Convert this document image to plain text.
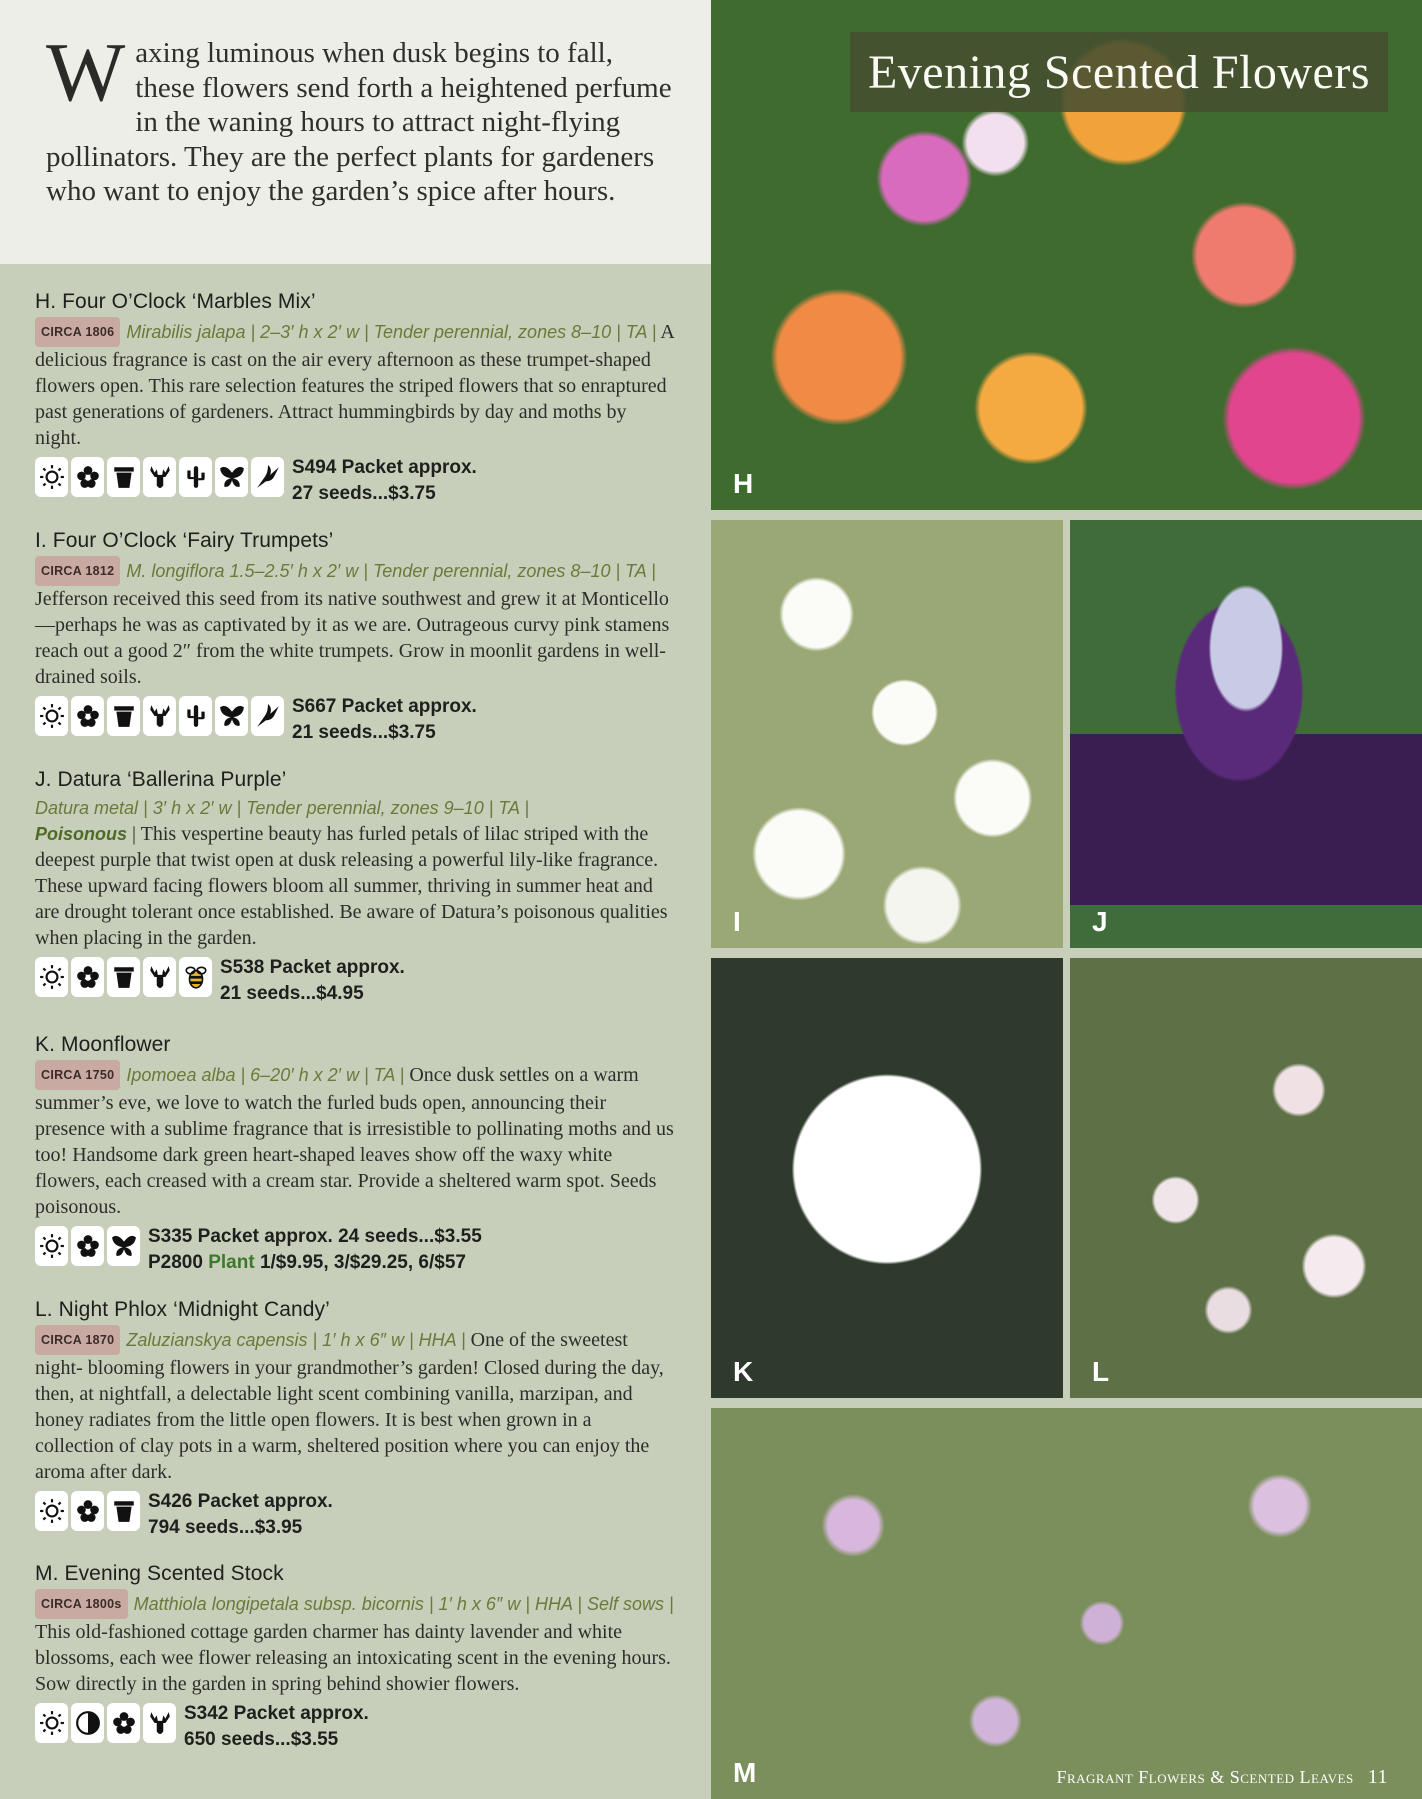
Waxing luminous when dusk begins to fall, these flowers send forth a heightened perfume in the waning hours to attract night-flying pollinators. They are the perfect plants for gardeners who want to enjoy the garden’s spice after hours.

H. Four O’Clock ‘Marbles Mix’
CIRCA 1806 Mirabilis jalapa | 2–3′ h x 2′ w | Tender perennial, zones 8–10 | TA | A delicious fragrance is cast on the air every afternoon as these trumpet-shaped flowers open. This rare selection features the striped flowers that so enraptured past generations of gardeners. Attract hummingbirds by day and moths by night.
S494 Packet approx.
27 seeds...$3.75
I. Four O’Clock ‘Fairy Trumpets’
CIRCA 1812 M. longiflora 1.5–2.5′ h x 2′ w | Tender perennial, zones 8–10 | TA | Jefferson received this seed from its native southwest and grew it at Monticello—perhaps he was as captivated by it as we are. Outrageous curvy pink stamens reach out a good 2″ from the white trumpets. Grow in moonlit gardens in well-drained soils.
S667 Packet approx.
21 seeds...$3.75
J. Datura ‘Ballerina Purple’
Datura metal | 3′ h x 2′ w | Tender perennial, zones 9–10 | TA |
Poisonous | This vespertine beauty has furled petals of lilac striped with the deepest purple that twist open at dusk releasing a powerful lily-like fragrance. These upward facing flowers bloom all summer, thriving in summer heat and are drought tolerant once established. Be aware of Datura’s poisonous qualities when placing in the garden.
S538 Packet approx.
21 seeds...$4.95
K. Moonflower
CIRCA 1750 Ipomoea alba | 6–20′ h x 2′ w | TA | Once dusk settles on a warm summer’s eve, we love to watch the furled buds open, announcing their presence with a sublime fragrance that is irresistible to pollinating moths and us too! Handsome dark green heart-shaped leaves show off the waxy white flowers, each creased with a cream star. Provide a sheltered warm spot. Seeds poisonous.
S335 Packet approx. 24 seeds...$3.55
P2800 Plant 1/$9.95, 3/$29.25, 6/$57
L. Night Phlox ‘Midnight Candy’
CIRCA 1870 Zaluzianskya capensis | 1′ h x 6″ w | HHA | One of the sweetest night- blooming flowers in your grandmother’s garden! Closed during the day, then, at nightfall, a delectable light scent combining vanilla, marzipan, and honey radiates from the little open flowers. It is best when grown in a collection of clay pots in a warm, sheltered position where you can enjoy the aroma after dark.
S426 Packet approx.
794 seeds...$3.95
M. Evening Scented Stock
CIRCA 1800s Matthiola longipetala subsp. bicornis | 1′ h x 6″ w | HHA | Self sows | This old-fashioned cottage garden charmer has dainty lavender and white blossoms, each wee flower releasing an intoxicating scent in the evening hours. Sow directly in the garden in spring behind showier flowers.
S342 Packet approx.
650 seeds...$3.55
H
I	J
K	L
M
Evening Scented Flowers
Fragrant Flowers & Scented Leaves 11
